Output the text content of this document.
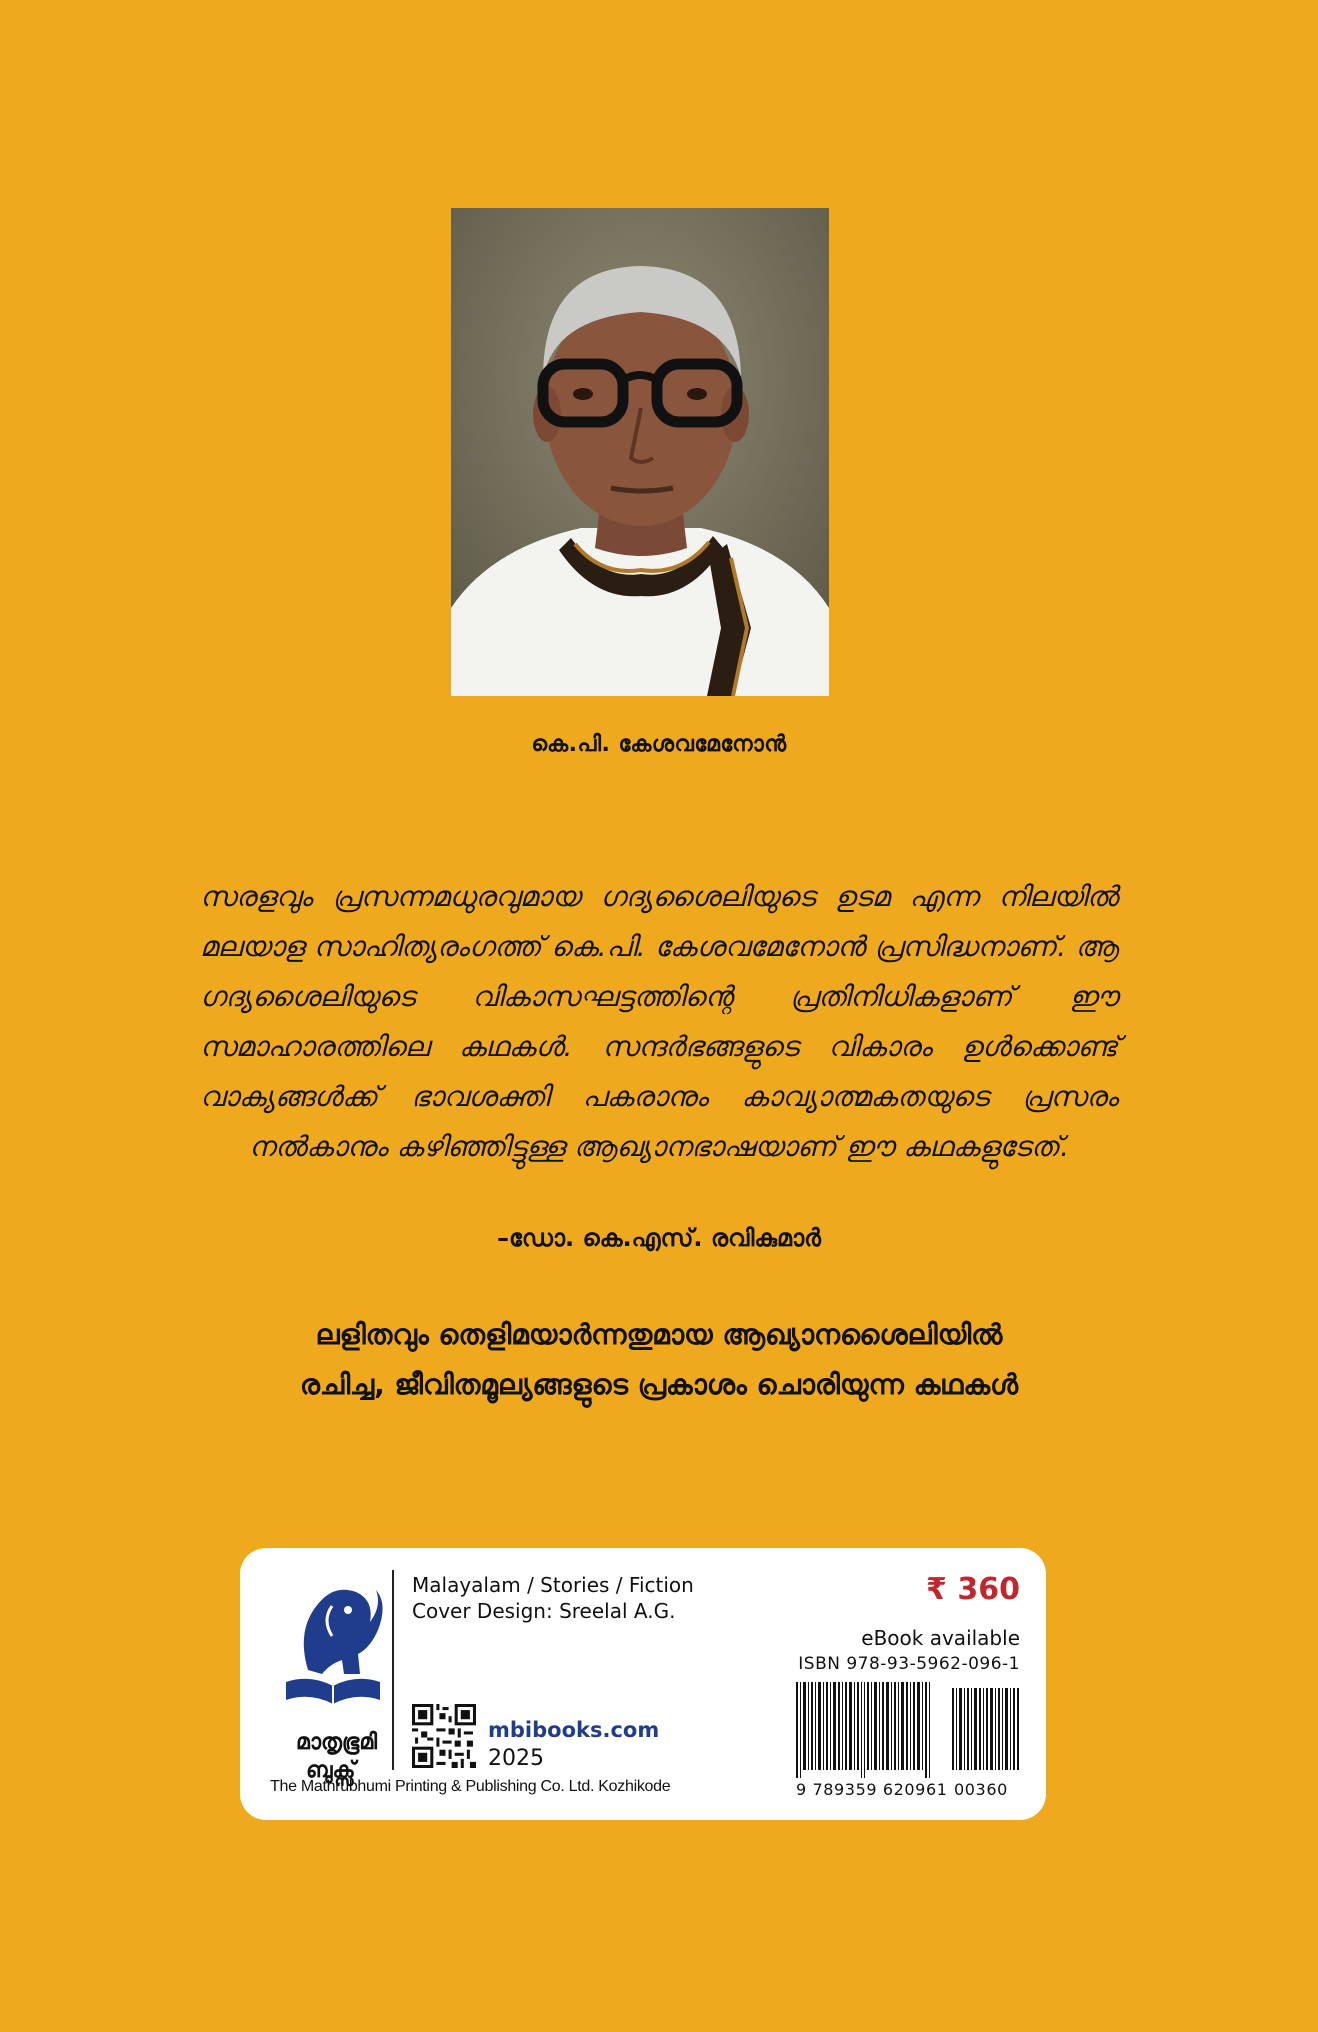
കെ.പി. കേശവമേനോൻ
സരളവും പ്രസന്നമധുരവുമായ ഗദ്യശൈലിയുടെ ഉടമ എന്ന നിലയിൽ മലയാള സാഹിത്യരംഗത്ത് കെ.പി. കേശവമേനോൻ പ്രസിദ്ധനാണ്. ആ ഗദ്യശൈലിയുടെ വികാസഘട്ടത്തിന്റെ പ്രതിനിധികളാണ് ഈ സമാഹാരത്തിലെ കഥകൾ. സന്ദർഭങ്ങളുടെ വികാരം ഉൾക്കൊണ്ട് വാക്യങ്ങൾക്ക് ഭാവശക്തി പകരാനും കാവ്യാത്മകതയുടെ പ്രസരം നൽകാനും കഴിഞ്ഞിട്ടുള്ള ആഖ്യാനഭാഷയാണ് ഈ കഥകളുടേത്.
–ഡോ. കെ.എസ്. രവികുമാർ
ലളിതവും തെളിമയാർന്നതുമായ ആഖ്യാനശൈലിയിൽ
രചിച്ച, ജീവിതമൂല്യങ്ങളുടെ പ്രകാശം ചൊരിയുന്ന കഥകൾ
മാതൃഭൂമി
ബുക്സ്
The Mathrubhumi Printing & Publishing Co. Ltd. Kozhikode
Malayalam / Stories / Fiction
Cover Design: Sreelal A.G.
mbibooks.com
2025
₹ 360
eBook available
ISBN 978-93-5962-096-1
9 789359 620961 00360
